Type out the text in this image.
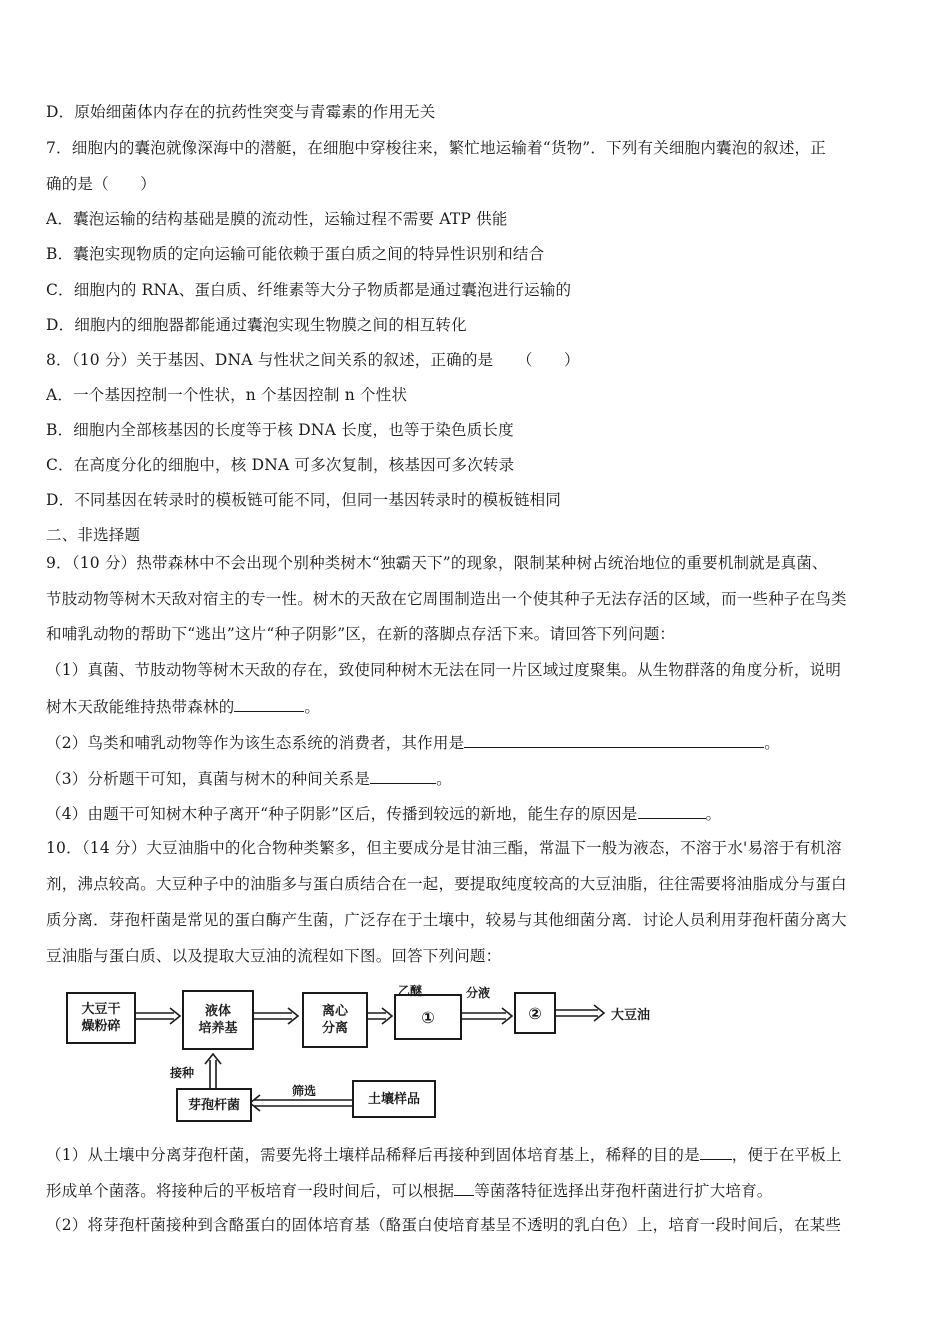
D．原始细菌体内存在的抗药性突变与青霉素的作用无关
7．细胞内的囊泡就像深海中的潜艇，在细胞中穿梭往来，繁忙地运输着“货物”．下列有关细胞内囊泡的叙述，正
确的是（　　）
A．囊泡运输的结构基础是膜的流动性，运输过程不需要 ATP 供能
B．囊泡实现物质的定向运输可能依赖于蛋白质之间的特异性识别和结合
C．细胞内的 RNA、蛋白质、纤维素等大分子物质都是通过囊泡进行运输的
D．细胞内的细胞器都能通过囊泡实现生物膜之间的相互转化
8．（10 分）关于基因、DNA 与性状之间关系的叙述，正确的是　　（　　）
A．一个基因控制一个性状，n 个基因控制 n 个性状
B．细胞内全部核基因的长度等于核 DNA 长度，也等于染色质长度
C．在高度分化的细胞中，核 DNA 可多次复制，核基因可多次转录
D．不同基因在转录时的模板链可能不同，但同一基因转录时的模板链相同
二、非选择题
9．（10 分）热带森林中不会出现个别种类树木“独霸天下”的现象，限制某种树占统治地位的重要机制就是真菌、
节肢动物等树木天敌对宿主的专一性。树木的天敌在它周围制造出一个使其种子无法存活的区域，而一些种子在鸟类
和哺乳动物的帮助下“逃出”这片“种子阴影”区，在新的落脚点存活下来。请回答下列问题：
（1）真菌、节肢动物等树木天敌的存在，致使同种树木无法在同一片区域过度聚集。从生物群落的角度分析，说明
树木天敌能维持热带森林的	。
（2）鸟类和哺乳动物等作为该生态系统的消费者，其作用是	。
（3）分析题干可知，真菌与树木的种间关系是	。
（4）由题干可知树木种子离开“种子阴影”区后，传播到较远的新地，能生存的原因是	。
10．（14 分）大豆油脂中的化合物种类繁多，但主要成分是甘油三酯，常温下一般为液态，不溶于水'易溶于有机溶
剂，沸点较高。大豆种子中的油脂多与蛋白质结合在一起，要提取纯度较高的大豆油脂，往往需要将油脂成分与蛋白
质分离．芽孢杆菌是常见的蛋白酶产生菌，广泛存在于土壤中，较易与其他细菌分离．讨论人员利用芽孢杆菌分离大
豆油脂与蛋白质、以及提取大豆油的流程如下图。回答下列问题：
大豆干
燥粉碎
液体
培养基
离心
分离
①	②	大豆油
乙醚	分液
接种
芽孢杆菌
筛选
土壤样品
（1）从土壤中分离芽孢杆菌，需要先将土壤样品稀释后再接种到固体培育基上，稀释的目的是 ，便于在平板上
形成单个菌落。将接种后的平板培育一段时间后，可以根据 等菌落特征选择出芽孢杆菌进行扩大培育。
（2）将芽孢杆菌接种到含酪蛋白的固体培育基（酪蛋白使培育基呈不透明的乳白色）上，培育一段时间后，在某些
